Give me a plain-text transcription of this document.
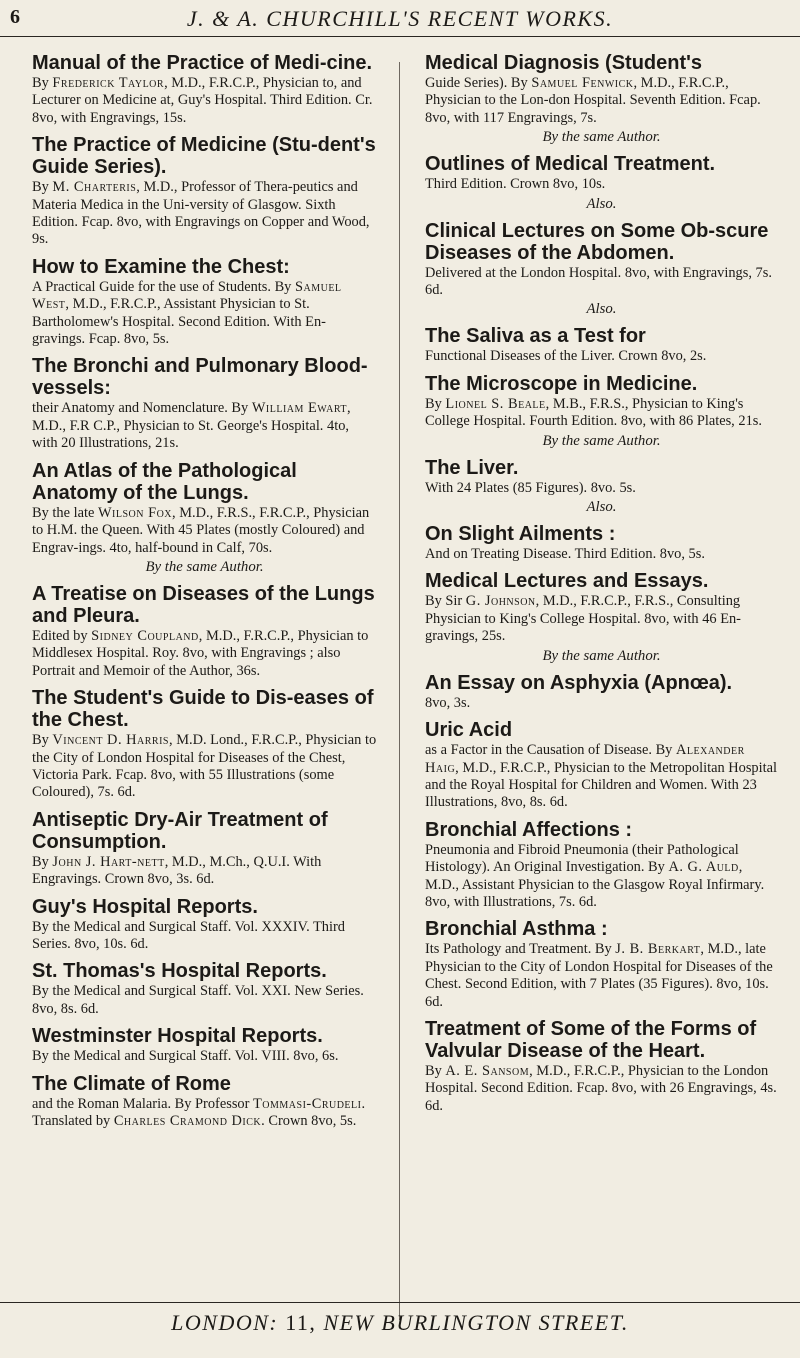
6	J. & A. CHURCHILL'S RECENT WORKS.

Manual of the Practice of Medi-cine.

By Frederick Taylor, M.D., F.R.C.P., Physician to, and Lecturer on Medicine at, Guy's Hospital. Third Edition. Cr. 8vo, with Engravings, 15s.

The Practice of Medicine (Stu-dent's Guide Series).

By M. Charteris, M.D., Professor of Thera-peutics and Materia Medica in the Uni-versity of Glasgow. Sixth Edition. Fcap. 8vo, with Engravings on Copper and Wood, 9s.

How to Examine the Chest:

A Practical Guide for the use of Students. By Samuel West, M.D., F.R.C.P., Assistant Physician to St. Bartholomew's Hospital. Second Edition. With En-gravings. Fcap. 8vo, 5s.

The Bronchi and Pulmonary Blood-vessels:

their Anatomy and Nomenclature. By William Ewart, M.D., F.R C.P., Physician to St. George's Hospital. 4to, with 20 Illustrations, 21s.

An Atlas of the Pathological Anatomy of the Lungs.

By the late Wilson Fox, M.D., F.R.S., F.R.C.P., Physician to H.M. the Queen. With 45 Plates (mostly Coloured) and Engrav-ings. 4to, half-bound in Calf, 70s.

By the same Author.

A Treatise on Diseases of the Lungs and Pleura.

Edited by Sidney Coupland, M.D., F.R.C.P., Physician to Middlesex Hospital. Roy. 8vo, with Engravings ; also Portrait and Memoir of the Author, 36s.

The Student's Guide to Dis-eases of the Chest.

By Vincent D. Harris, M.D. Lond., F.R.C.P., Physician to the City of London Hospital for Diseases of the Chest, Victoria Park. Fcap. 8vo, with 55 Illustrations (some Coloured), 7s. 6d.

Antiseptic Dry-Air Treatment of Consumption.

By John J. Hart-nett, M.D., M.Ch., Q.U.I. With Engravings. Crown 8vo, 3s. 6d.

Guy's Hospital Reports.

By the Medical and Surgical Staff. Vol. XXXIV. Third Series. 8vo, 10s. 6d.

St. Thomas's Hospital Reports.

By the Medical and Surgical Staff. Vol. XXI. New Series. 8vo, 8s. 6d.

Westminster Hospital Reports.

By the Medical and Surgical Staff. Vol. VIII. 8vo, 6s.

The Climate of Rome

and the Roman Malaria. By Professor Tommasi-Crudeli. Translated by Charles Cramond Dick. Crown 8vo, 5s.

Medical Diagnosis (Student's

Guide Series). By Samuel Fenwick, M.D., F.R.C.P., Physician to the Lon-don Hospital. Seventh Edition. Fcap. 8vo, with 117 Engravings, 7s.

By the same Author.

Outlines of Medical Treatment.

Third Edition. Crown 8vo, 10s.

Also.

Clinical Lectures on Some Ob-scure Diseases of the Abdomen.

Delivered at the London Hospital. 8vo, with Engravings, 7s. 6d.

Also.

The Saliva as a Test for

Functional Diseases of the Liver. Crown 8vo, 2s.

The Microscope in Medicine.

By Lionel S. Beale, M.B., F.R.S., Physician to King's College Hospital. Fourth Edition. 8vo, with 86 Plates, 21s.

By the same Author.

The Liver.

With 24 Plates (85 Figures). 8vo. 5s.

Also.

On Slight Ailments :

And on Treating Disease. Third Edition. 8vo, 5s.

Medical Lectures and Essays.

By Sir G. Johnson, M.D., F.R.C.P., F.R.S., Consulting Physician to King's College Hospital. 8vo, with 46 En-gravings, 25s.

By the same Author.

An Essay on Asphyxia (Apnœa).

8vo, 3s.

Uric Acid

as a Factor in the Causation of Disease. By Alexander Haig, M.D., F.R.C.P., Physician to the Metropolitan Hospital and the Royal Hospital for Children and Women. With 23 Illustrations, 8vo, 8s. 6d.

Bronchial Affections :

Pneumonia and Fibroid Pneumonia (their Pathological Histology). An Original Investigation. By A. G. Auld, M.D., Assistant Physician to the Glasgow Royal Infirmary. 8vo, with Illustrations, 7s. 6d.

Bronchial Asthma :

Its Pathology and Treatment. By J. B. Berkart, M.D., late Physician to the City of London Hospital for Diseases of the Chest. Second Edition, with 7 Plates (35 Figures). 8vo, 10s. 6d.

Treatment of Some of the Forms of Valvular Disease of the Heart.

By A. E. Sansom, M.D., F.R.C.P., Physician to the London Hospital. Second Edition. Fcap. 8vo, with 26 Engravings, 4s. 6d.

LONDON: 11, NEW BURLINGTON STREET.
